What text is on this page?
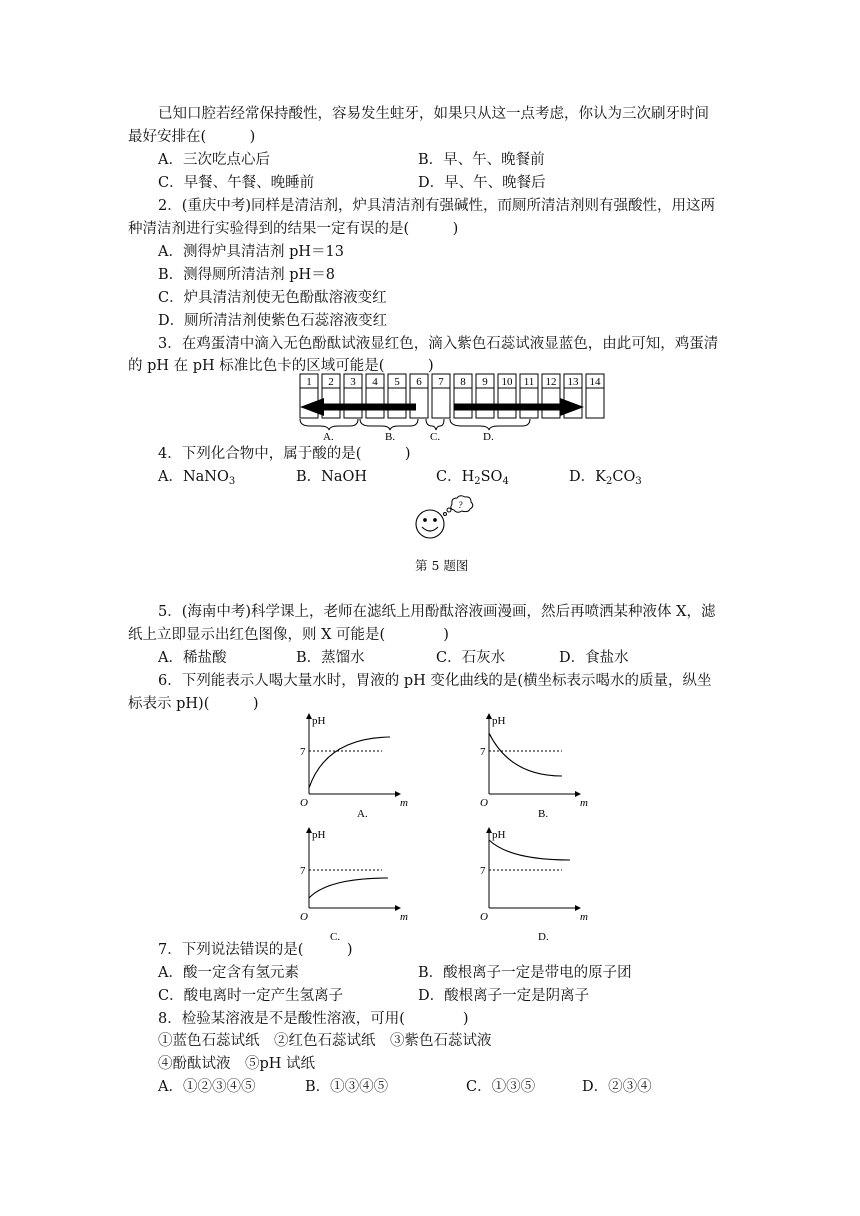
已知口腔若经常保持酸性，容易发生蛀牙，如果只从这一点考虑，你认为三次刷牙时间
最好安排在(　　　)
A．三次吃点心后	B．早、午、晚餐前
C．早餐、午餐、晚睡前	D．早、午、晚餐后
2．(重庆中考)同样是清洁剂，炉具清洁剂有强碱性，而厕所清洁剂则有强酸性，用这两
种清洁剂进行实验得到的结果一定有误的是(　　　)
A．测得炉具清洁剂 pH＝13
B．测得厕所清洁剂 pH＝8
C．炉具清洁剂使无色酚酞溶液变红
D．厕所清洁剂使紫色石蕊溶液变红
3．在鸡蛋清中滴入无色酚酞试液显红色，滴入紫色石蕊试液显蓝色，由此可知，鸡蛋清
的 pH 在 pH 标准比色卡的区域可能是(　　　)
1 2 3 4 5 6 7 8 9 10 11 12 13 14
A.	B.	C.	D.
4．下列化合物中，属于酸的是(　　　)
A．NaNO$_3$	B．NaOH	C．$H_2SO_4$	D．$K_2CO_3$
?
第 5 题图
5．(海南中考)科学课上，老师在滤纸上用酚酞溶液画漫画，然后再喷洒某种液体 X，滤
纸上立即显示出红色图像，则 X 可能是(　　　　)
A．稀盐酸	B．蒸馏水	C．石灰水	D．食盐水
6．下列能表示人喝大量水时，胃液的 pH 变化曲线的是(横坐标表示喝水的质量，纵坐
标表示 pH)(　　　)
pH
7
O	m
A.
pH
7
O	m
B.
pH
7
O	m
C.
pH
7
O	m
D.
7．下列说法错误的是(　　　)
A．酸一定含有氢元素	B．酸根离子一定是带电的原子团
C．酸电离时一定产生氢离子	D．酸根离子一定是阴离子
8．检验某溶液是不是酸性溶液，可用(　　　　)
①蓝色石蕊试纸　②红色石蕊试纸　③紫色石蕊试液
④酚酞试液　⑤pH 试纸
A．①②③④⑤	B．①③④⑤	C．①③⑤	D．②③④
